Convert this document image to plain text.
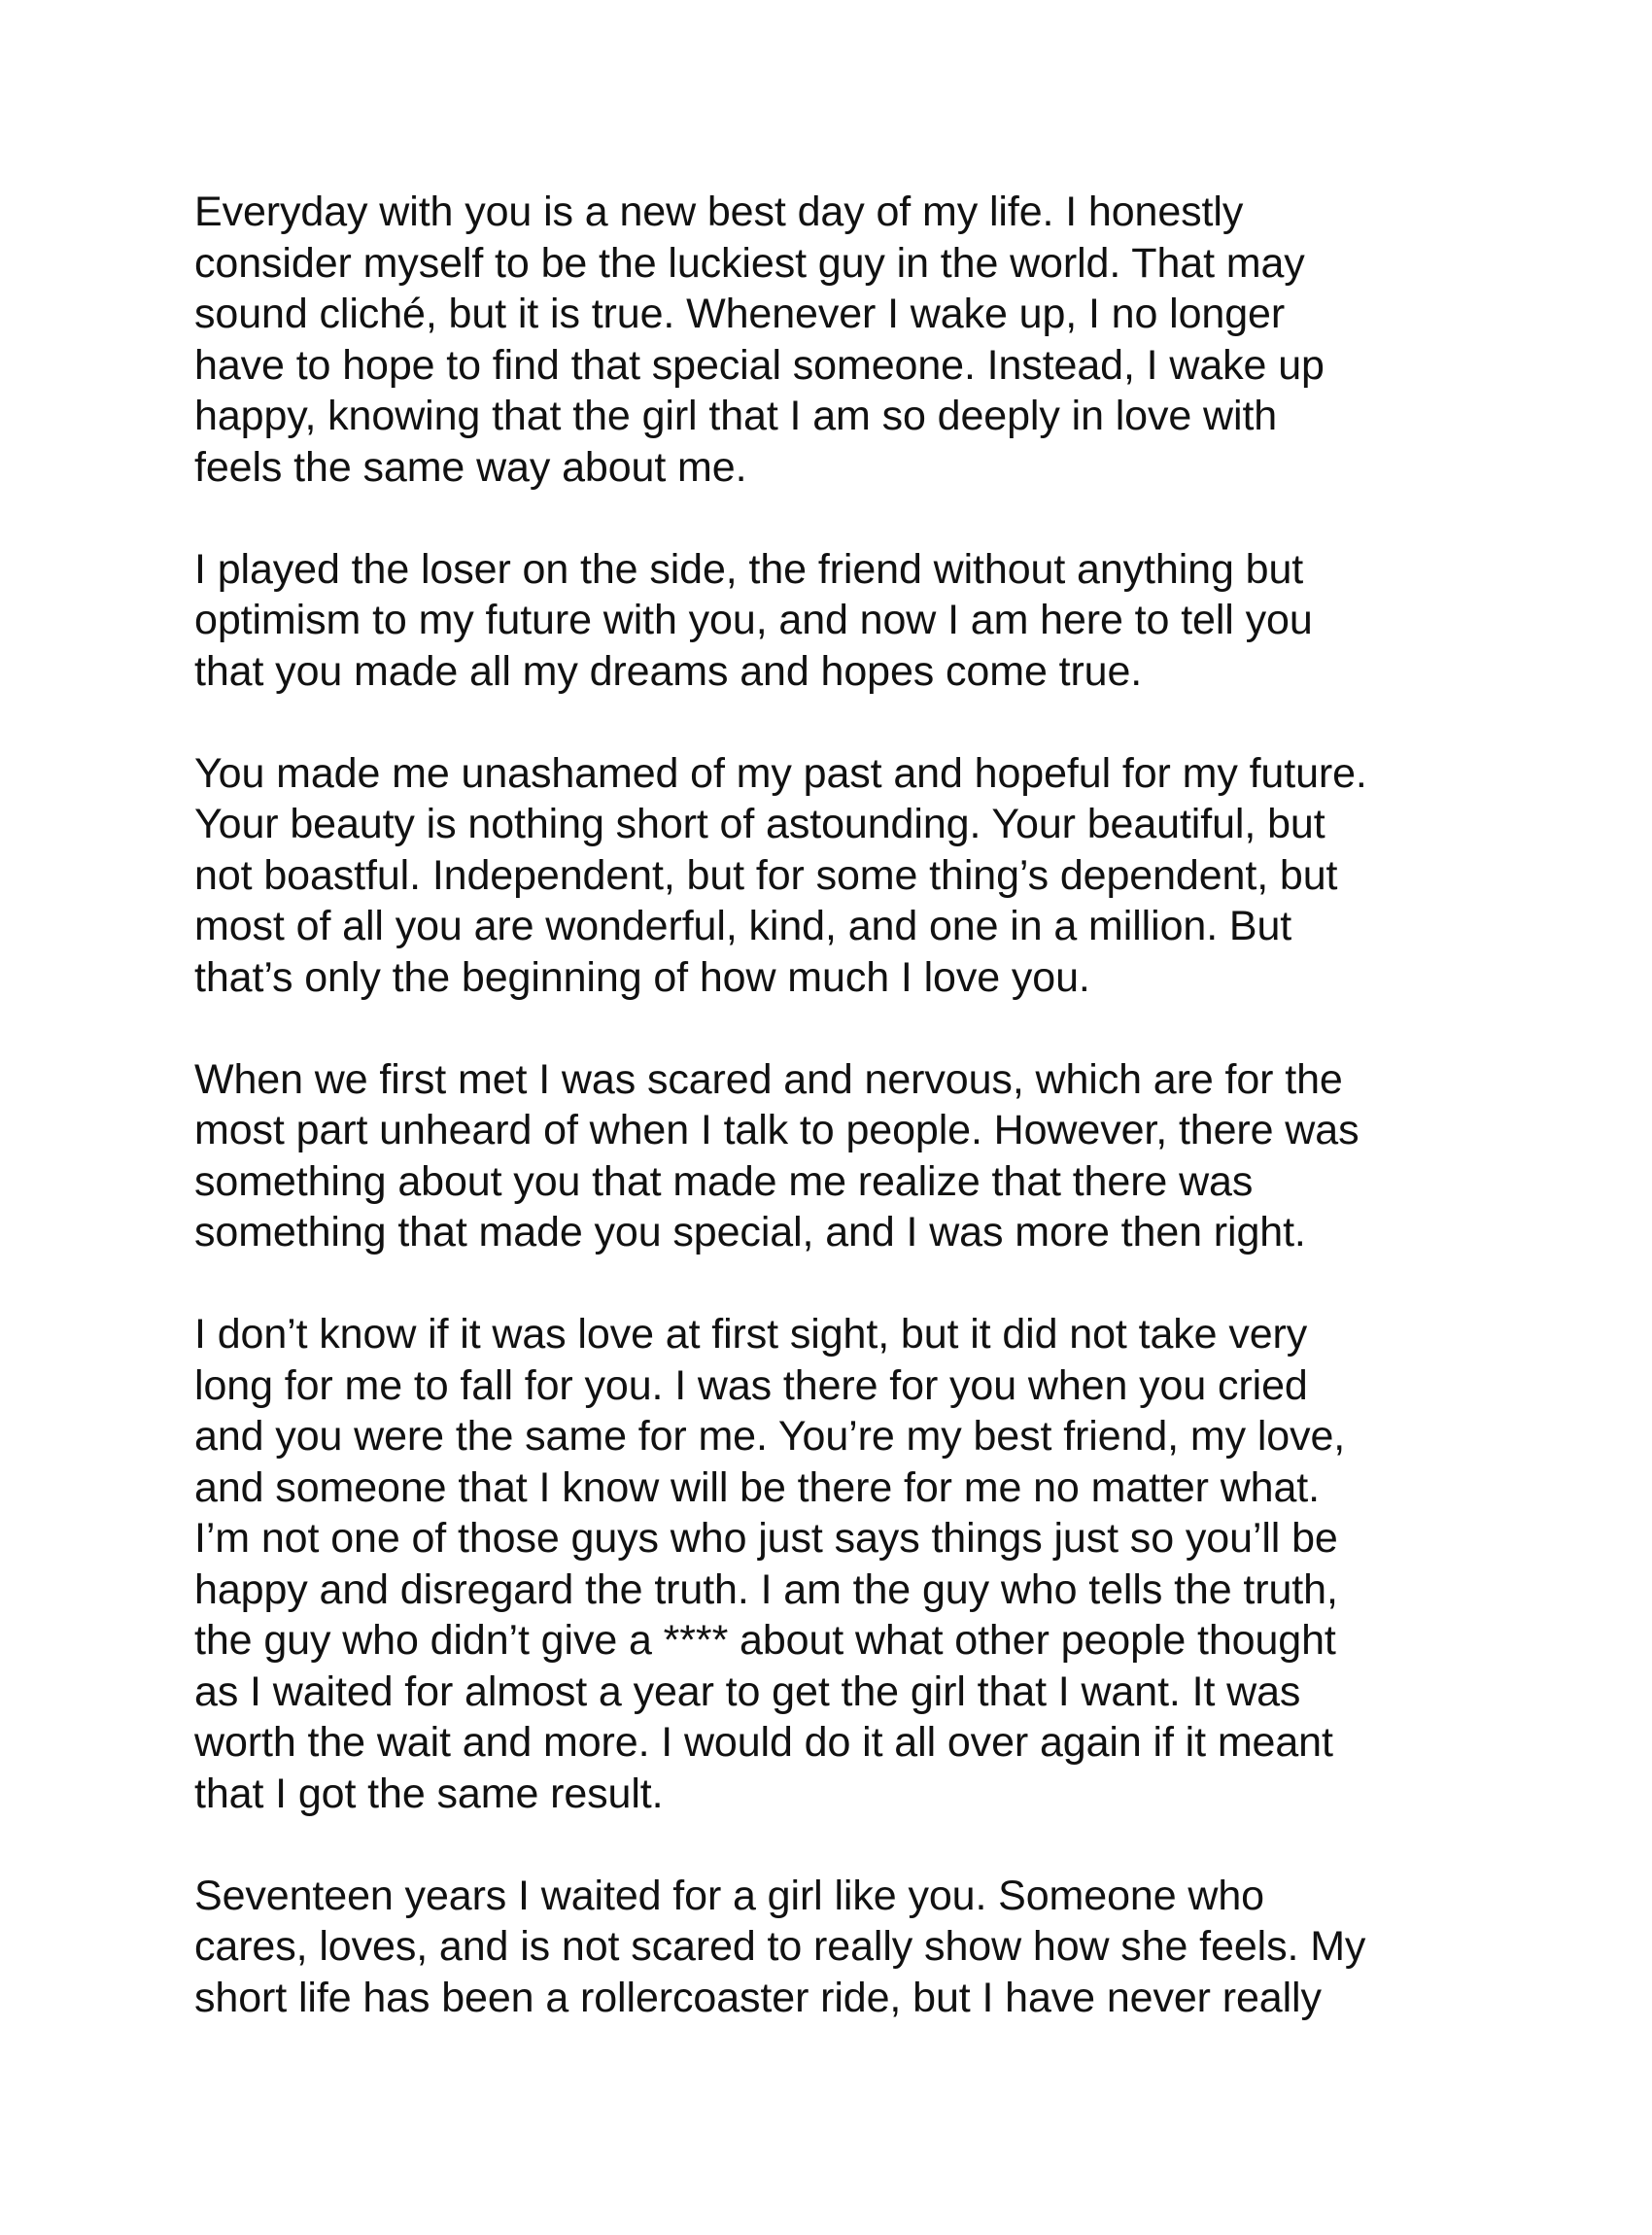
Everyday with you is a new best day of my life. I honestly
consider myself to be the luckiest guy in the world. That may
sound cliché, but it is true. Whenever I wake up, I no longer
have to hope to find that special someone. Instead, I wake up
happy, knowing that the girl that I am so deeply in love with
feels the same way about me.
I played the loser on the side, the friend without anything but
optimism to my future with you, and now I am here to tell you
that you made all my dreams and hopes come true.
You made me unashamed of my past and hopeful for my future.
Your beauty is nothing short of astounding. Your beautiful, but
not boastful. Independent, but for some thing’s dependent, but
most of all you are wonderful, kind, and one in a million. But
that’s only the beginning of how much I love you.
When we first met I was scared and nervous, which are for the
most part unheard of when I talk to people. However, there was
something about you that made me realize that there was
something that made you special, and I was more then right.
I don’t know if it was love at first sight, but it did not take very
long for me to fall for you. I was there for you when you cried
and you were the same for me. You’re my best friend, my love,
and someone that I know will be there for me no matter what.
I’m not one of those guys who just says things just so you’ll be
happy and disregard the truth. I am the guy who tells the truth,
the guy who didn’t give a **** about what other people thought
as I waited for almost a year to get the girl that I want. It was
worth the wait and more. I would do it all over again if it meant
that I got the same result.
Seventeen years I waited for a girl like you. Someone who
cares, loves, and is not scared to really show how she feels. My
short life has been a rollercoaster ride, but I have never really
